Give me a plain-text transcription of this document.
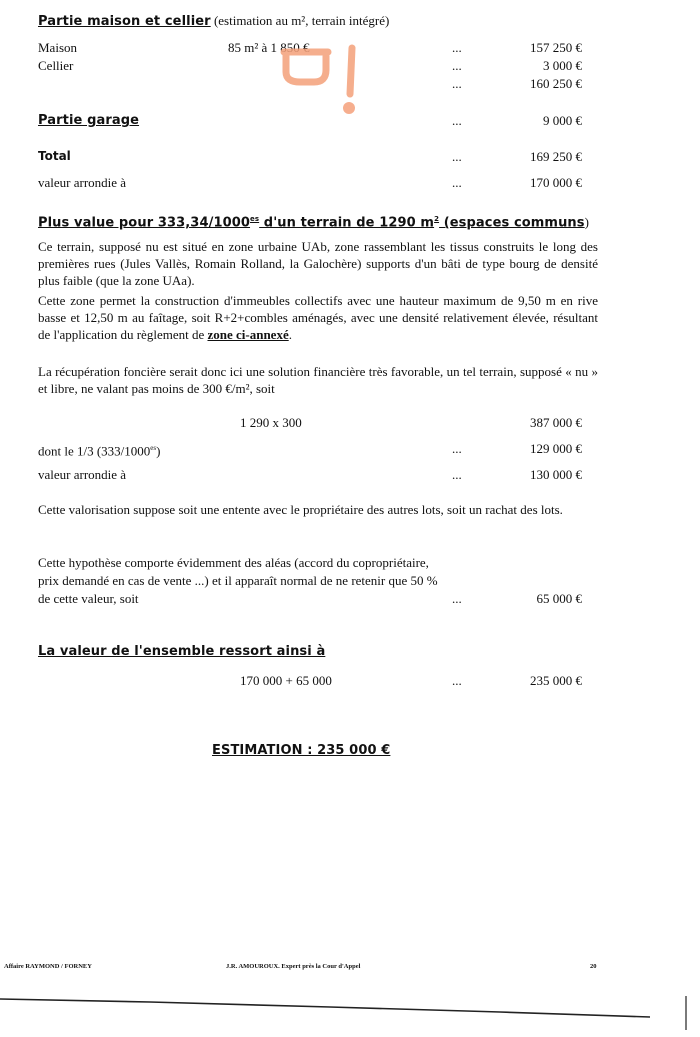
Partie maison et cellier (estimation au m², terrain intégré)
Maison	85 m² à 1 850 €	...	157 250 €
Cellier	...	3 000 €
...	160 250 €
Partie garage	...	9 000 €
Total	...	169 250 €
valeur arrondie à	...	170 000 €
Plus value pour $333,34/1000^{es}$ d'un terrain de 1290 $m^2$ (espaces communs)

Ce terrain, supposé nu est situé en zone urbaine UAb, zone rassemblant les tissus construits le long des premières rues (Jules Vallès, Romain Rolland, la Galochère) supports d'un bâti de type bourg de densité plus faible (que la zone UAa).

Cette zone permet la construction d'immeubles collectifs avec une hauteur maximum de 9,50 m en rive basse et 12,50 m au faîtage, soit R+2+combles aménagés, avec une densité relativement élevée, résultant de l'application du règlement de zone ci-annexé.

La récupération foncière serait donc ici une solution financière très favorable, un tel terrain, supposé « nu » et libre, ne valant pas moins de 300 €/m², soit

1 290 x 300	387 000 €
dont le 1/3 $(333/1000^{es})$	...	129 000 €
valeur arrondie à	...	130 000 €

Cette valorisation suppose soit une entente avec le propriétaire des autres lots, soit un rachat des lots.

Cette hypothèse comporte évidemment des aléas (accord du copropriétaire,
prix demandé en cas de vente ...) et il apparaît normal de ne retenir que 50 %
de cette valeur, soit	...	65 000 €
La valeur de l'ensemble ressort ainsi à
170 000 + 65 000	...	235 000 €
ESTIMATION : 235 000 €
Affaire RAYMOND / FORNEY	J.R. AMOUROUX. Expert près la Cour d'Appel	20
